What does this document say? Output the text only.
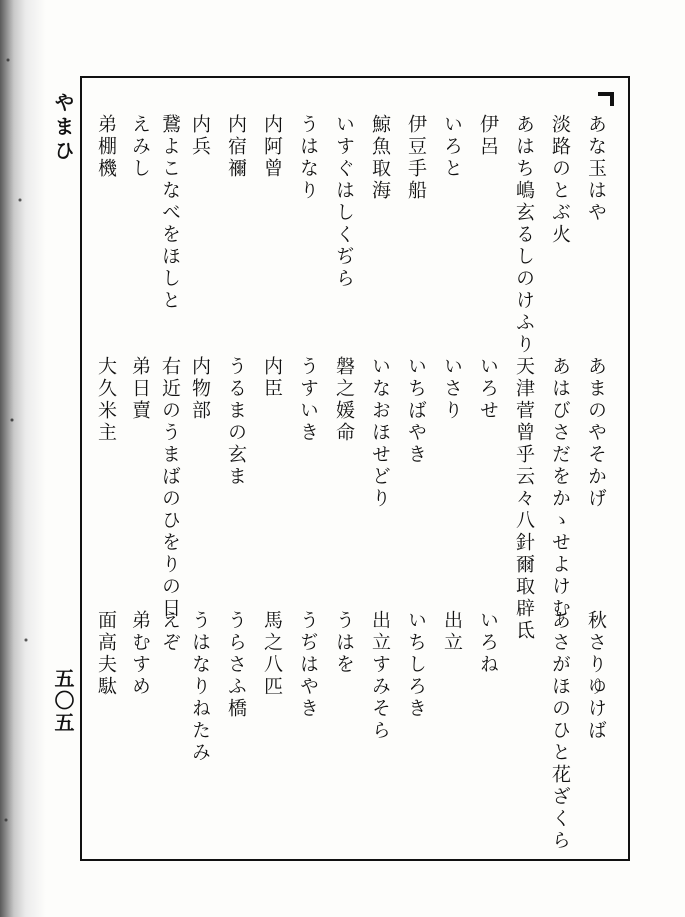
やまひ
五〇五
あな玉はや
淡路のとぶ火
あはち嶋玄るしのけふり
伊呂
いろと
伊豆手船
鯨魚取海
いすぐはしくぢら
うはなり
内阿曾
内宿禰
内兵
鵞よこなべをほしと
えみし
弟棚機
あまのやそかげ
あはびさだをかゝせよけむ
天津菅曾乎云々八針爾取辟氐
いろせ
いさり
いちばやき
いなおほせどり
磐之媛命
うすいき
内臣
うるまの玄ま
内物部
右近のうまばのひをりの日
弟日賣
大久米主
秋さりゆけば
あさがほのひと花ざくら
いろね
出立
いちしろき
出立すみそら
うはを
うぢはやき
馬之八匹
うらさふ橋
うはなりねたみ
えぞ
弟むすめ
面高夫駄
